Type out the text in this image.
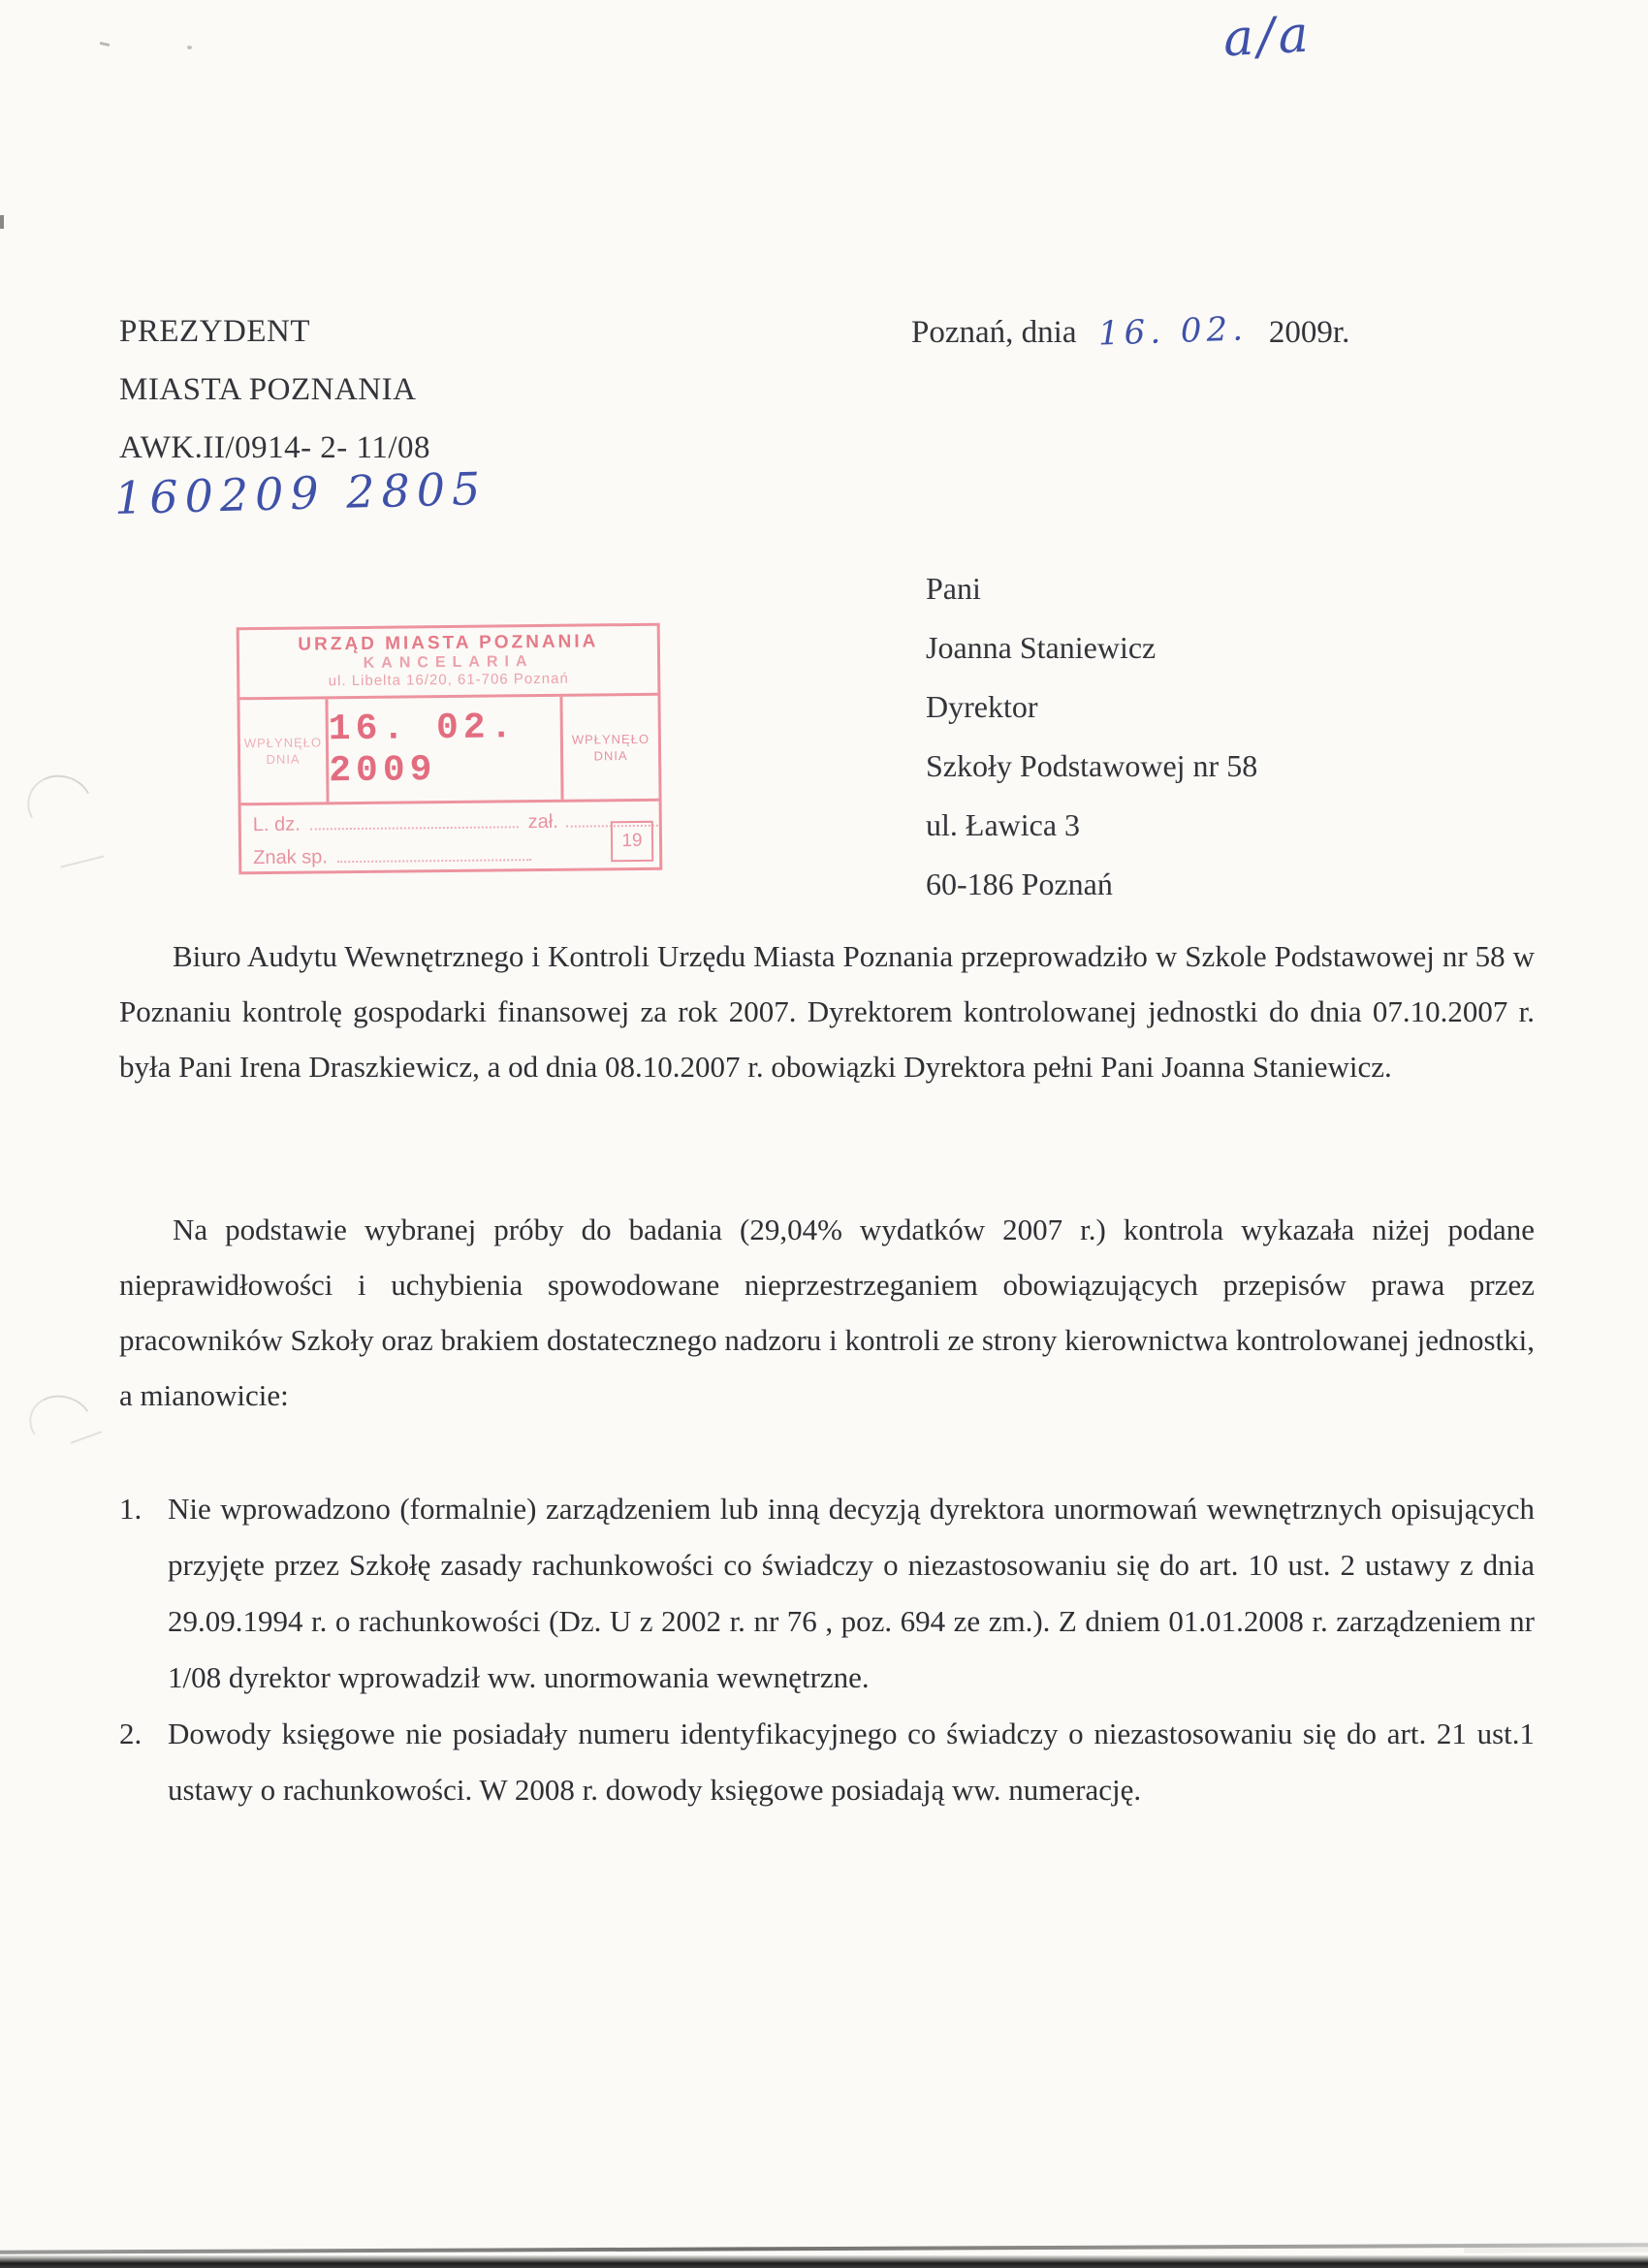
a/a
PREZYDENT
MIASTA POZNANIA
AWK.II/0914- 2- 11/08
160209 2805
Poznań, dnia 16. 02. 2009r.
URZĄD MIASTA POZNANIA
KANCELARIA
ul. Libelta 16/20, 61-706 Poznań
WPŁYNĘŁO DNIA
16. 02. 2009
WPŁYNĘŁO DNIA
L. dz.	zał.
Znak sp.
19
Pani
Joanna Staniewicz
Dyrektor
Szkoły Podstawowej nr 58
ul. Ławica 3
60-186 Poznań

Biuro Audytu Wewnętrznego i Kontroli Urzędu Miasta Poznania przeprowadziło w Szkole Podstawowej nr 58 w Poznaniu kontrolę gospodarki finansowej za rok 2007. Dyrektorem kontrolowanej jednostki do dnia 07.10.2007 r. była Pani Irena Draszkiewicz, a od dnia 08.10.2007 r. obowiązki Dyrektora pełni Pani Joanna Staniewicz.

Na podstawie wybranej próby do badania (29,04% wydatków 2007 r.) kontrola wykazała niżej podane nieprawidłowości i uchybienia spowodowane nieprzestrzeganiem obowiązujących przepisów prawa przez pracowników Szkoły oraz brakiem dostatecznego nadzoru i kontroli ze strony kierownictwa kontrolowanej jednostki, a mianowicie:

1. Nie wprowadzono (formalnie) zarządzeniem lub inną decyzją dyrektora unormowań wewnętrznych opisujących przyjęte przez Szkołę zasady rachunkowości co świadczy o niezastosowaniu się do art. 10 ust. 2 ustawy z dnia 29.09.1994 r. o rachunkowości (Dz. U z 2002 r. nr 76 , poz. 694 ze zm.). Z dniem 01.01.2008 r. zarządzeniem nr 1/08 dyrektor wprowadził ww. unormowania wewnętrzne.
2. Dowody księgowe nie posiadały numeru identyfikacyjnego co świadczy o niezastosowaniu się do art. 21 ust.1 ustawy o rachunkowości. W 2008 r. dowody księgowe posiadają ww. numerację.
